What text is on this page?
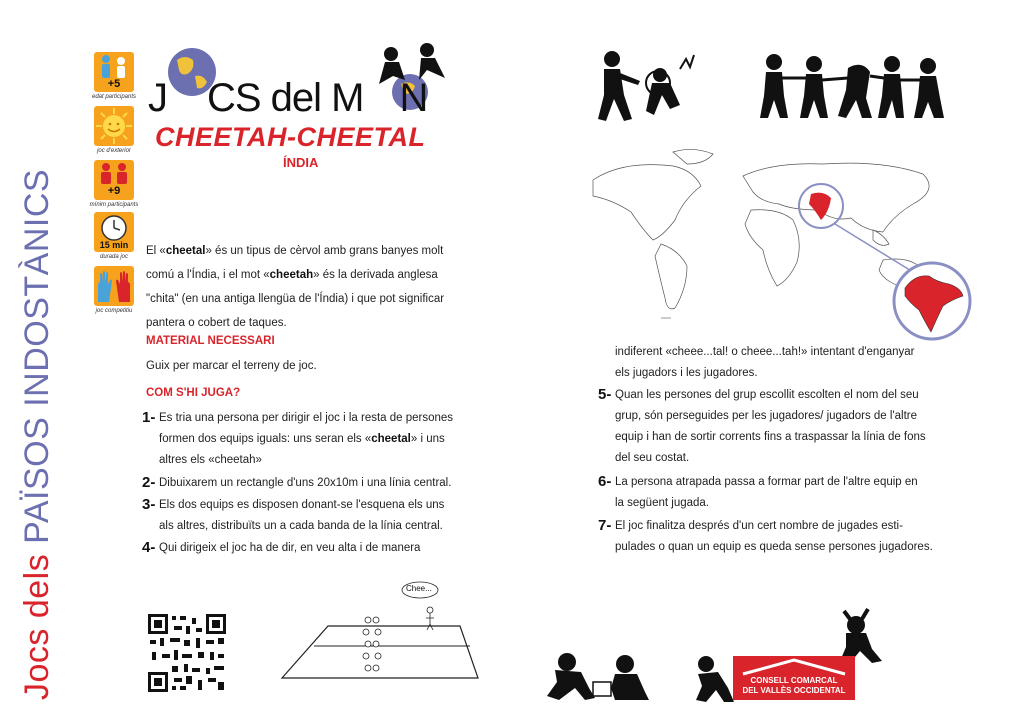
Jocs dels PAÏSOS INDOSTÀNICS
+5
edat participants
joc d'exterior
+9
mínim participants
15 min
durada joc
joc competitiu
J CS del M N
CHEETAH-CHEETAL
ÍNDIA
El «cheetal» és un tipus de cèrvol amb grans banyes molt
comú a l'Índia, i el mot «cheetah» és la derivada anglesa
"chita" (en una antiga llengüa de l'Índia) i que pot significar
pantera o cobert de taques.
MATERIAL NECESSARI
Guix per marcar el terreny de joc.
COM S'HI JUGA?
1- Es tria una persona per dirigir el joc i la resta de persones
formen dos equips iguals: uns seran els «cheetal» i uns
altres els «cheetah»
2- Dibuixarem un rectangle d'uns 20x10m i una línia central.
3- Els dos equips es disposen donant-se l'esquena els uns
als altres, distribuïts un a cada banda de la línia central.
4- Qui dirigeix el joc ha de dir, en veu alta i de manera
indiferent «cheee...tal! o cheee...tah!» intentant d'enganyar
els jugadors i les jugadores.
5- Quan les persones del grup escollit escolten el nom del seu
grup, són perseguides per les jugadores/ jugadors de l'altre
equip i han de sortir corrents fins a traspassar la línia de fons
del seu costat.
6- La persona atrapada passa a formar part de l'altre equip en
la següent jugada.
7- El joc finalitza després d'un cert nombre de jugades esti-
pulades o quan un equip es queda sense persones jugadores.
Chee...
CONSELL COMARCAL
DEL VALLÈS OCCIDENTAL
